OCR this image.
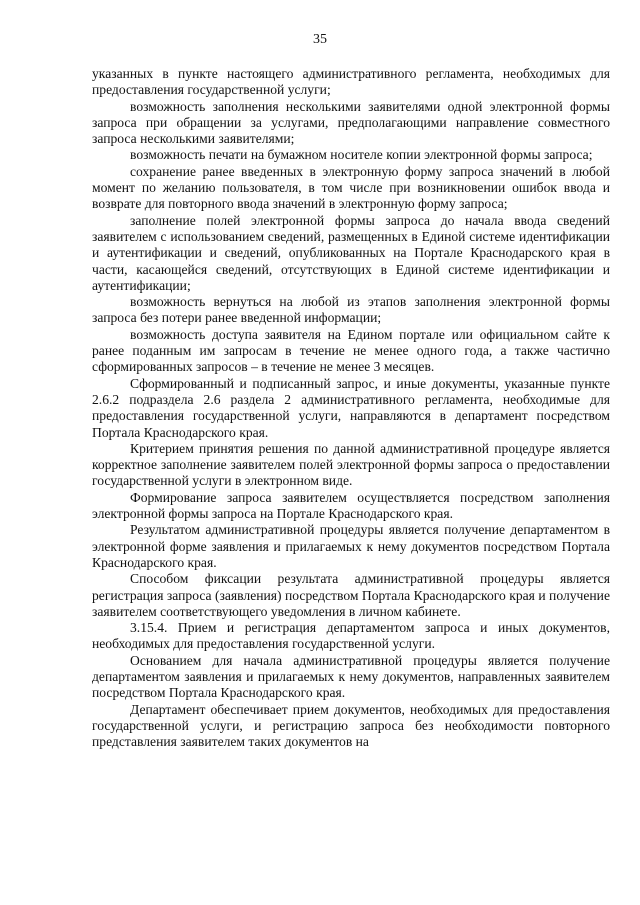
35

указанных в пункте настоящего административного регламента, необходимых для предоставления государственной услуги;

возможность заполнения несколькими заявителями одной электронной формы запроса при обращении за услугами, предполагающими направление совместного запроса несколькими заявителями;

возможность печати на бумажном носителе копии электронной формы запроса;

сохранение ранее введенных в электронную форму запроса значений в любой момент по желанию пользователя, в том числе при возникновении ошибок ввода и возврате для повторного ввода значений в электронную форму запроса;

заполнение полей электронной формы запроса до начала ввода сведений заявителем с использованием сведений, размещенных в Единой системе идентификации и аутентификации и сведений, опубликованных на Портале Краснодарского края в части, касающейся сведений, отсутствующих в Единой системе идентификации и аутентификации;

возможность вернуться на любой из этапов заполнения электронной формы запроса без потери ранее введенной информации;

возможность доступа заявителя на Едином портале или официальном сайте к ранее поданным им запросам в течение не менее одного года, а также частично сформированных запросов – в течение не менее 3 месяцев.

Сформированный и подписанный запрос, и иные документы, указанные пункте 2.6.2 подраздела 2.6 раздела 2 административного регламента, необходимые для предоставления государственной услуги, направляются в департамент посредством Портала Краснодарского края.

Критерием принятия решения по данной административной процедуре является корректное заполнение заявителем полей электронной формы запроса о предоставлении государственной услуги в электронном виде.

Формирование запроса заявителем осуществляется посредством заполнения электронной формы запроса на Портале Краснодарского края.

Результатом административной процедуры является получение департаментом в электронной форме заявления и прилагаемых к нему документов посредством Портала Краснодарского края.

Способом фиксации результата административной процедуры является регистрация запроса (заявления) посредством Портала Краснодарского края и получение заявителем соответствующего уведомления в личном кабинете.

3.15.4. Прием и регистрация департаментом запроса и иных документов, необходимых для предоставления государственной услуги.

Основанием для начала административной процедуры является получение департаментом заявления и прилагаемых к нему документов, направленных заявителем посредством Портала Краснодарского края.

Департамент обеспечивает прием документов, необходимых для предоставления государственной услуги, и регистрацию запроса без необходимости повторного представления заявителем таких документов на
